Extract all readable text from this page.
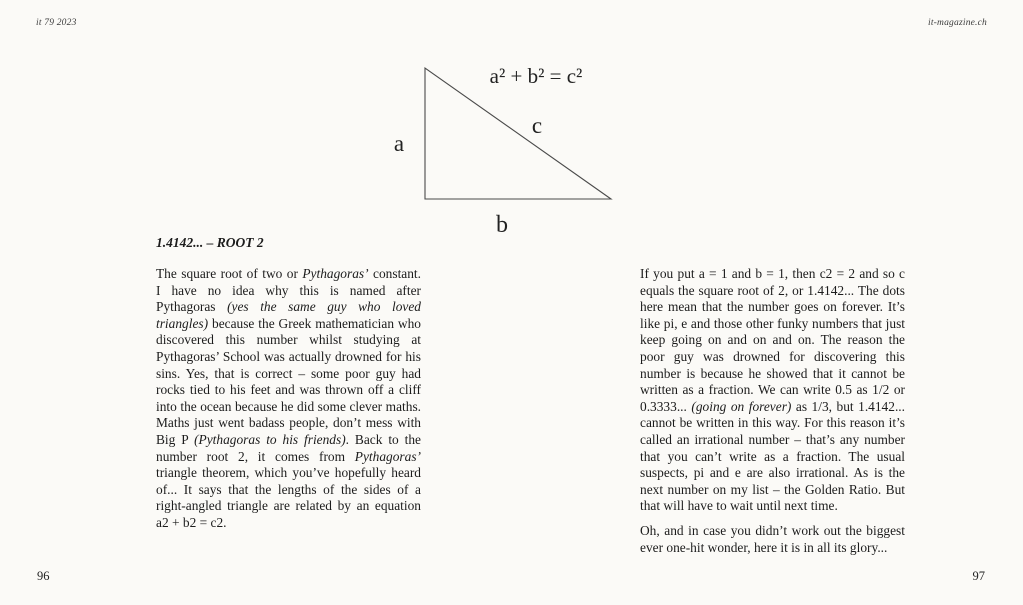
it 79 2023	it-magazine.ch
a² + b² = c²
a
b
c
1.4142... – ROOT 2

The square root of two or Pythagoras’ constant. I have no idea why this is named after Pythagoras (yes the same guy who loved triangles) because the Greek mathematician who discovered this number whilst studying at Pythagoras’ School was actually drowned for his sins. Yes, that is correct – some poor guy had rocks tied to his feet and was thrown off a cliff into the ocean because he did some clever maths. Maths just went badass people, don’t mess with Big P (Pythagoras to his friends). Back to the number root 2, it comes from Pythagoras’ triangle theorem, which you’ve hopefully heard of... It says that the lengths of the sides of a right-angled triangle are related by an equation a2 + b2 = c2.

If you put a = 1 and b = 1, then c2 = 2 and so c equals the square root of 2, or 1.4142... The dots here mean that the number goes on forever. It’s like pi, e and those other funky numbers that just keep going on and on and on. The reason the poor guy was drowned for discovering this number is because he showed that it cannot be written as a fraction. We can write 0.5 as 1/2 or 0.3333... (going on forever) as 1/3, but 1.4142... cannot be written in this way. For this reason it’s called an irrational number – that’s any number that you can’t write as a fraction. The usual suspects, pi and e are also irrational. As is the next number on my list – the Golden Ratio. But that will have to wait until next time.

Oh, and in case you didn’t work out the biggest ever one-hit wonder, here it is in all its glory...

96	97
